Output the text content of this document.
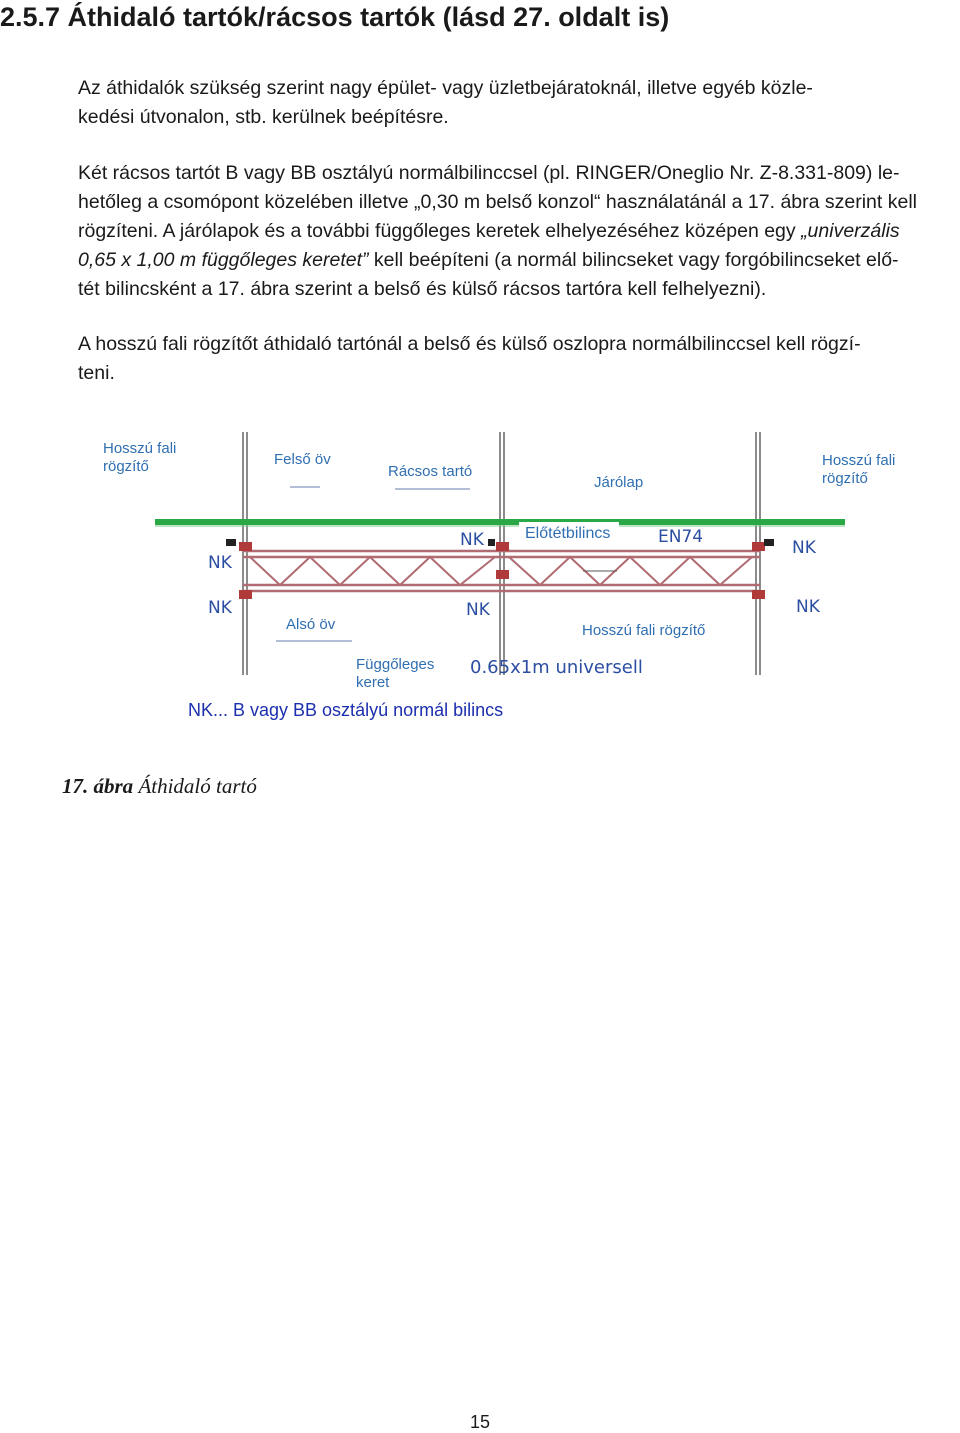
2.5.7 Áthidaló tartók/rácsos tartók (lásd 27. oldalt is)
Az áthidalók szükség szerint nagy épület- vagy üzletbejáratoknál, illetve egyéb közle-
kedési útvonalon, stb. kerülnek beépítésre.
Két rácsos tartót B vagy BB osztályú normálbilinccsel (pl. RINGER/Oneglio Nr. Z-8.331-809) le-
hetőleg a csomópont közelében illetve „0,30 m belső konzol“ használatánál a 17. ábra szerint kell
rögzíteni. A járólapok és a további függőleges keretek elhelyezéséhez középen egy „univerzális
0,65 x 1,00 m függőleges keretet” kell beépíteni (a normál bilincseket vagy forgóbilincseket elő-
tét bilincsként a 17. ábra szerint a belső és külső rácsos tartóra kell felhelyezni).
A hosszú fali rögzítőt áthidaló tartónál a belső és külső oszlopra normálbilinccsel kell rögzí-
teni.
NK
NK
NK
NK	NK	NK
EN74
0.65x1m universell
Hosszú fali rögzítő	Felső öv
Rácsos tartó
Járólap
Hosszú fali rögzítő
Előtétbilincs
Alsó öv	Hosszú fali rögzítő
Függőleges keret
NK... B vagy BB osztályú normál bilincs
17. ábra Áthidaló tartó
15
